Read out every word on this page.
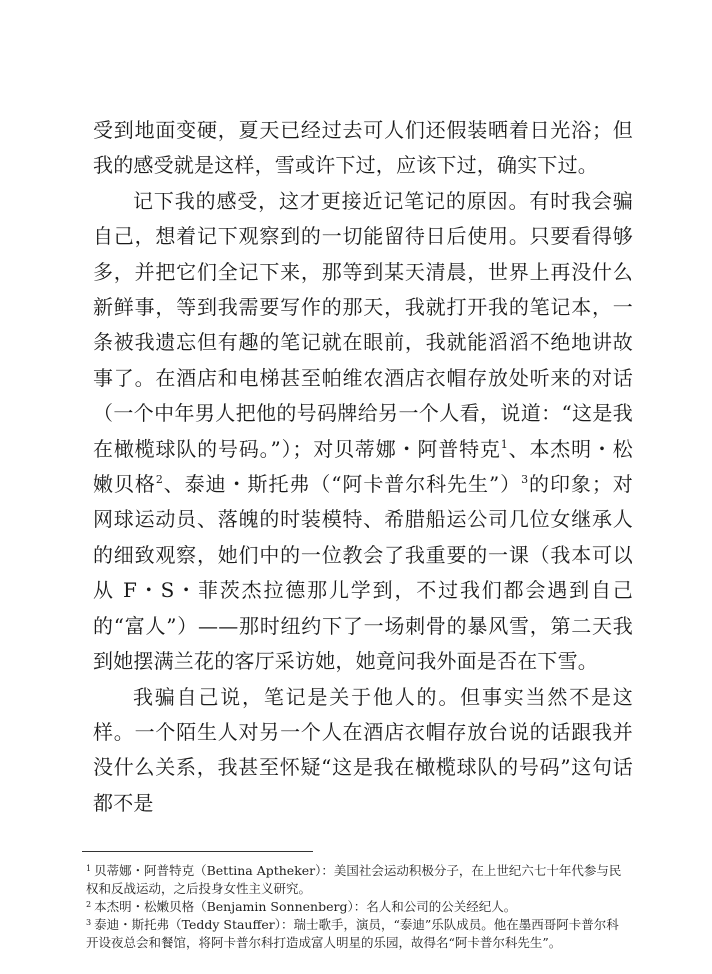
受到地面变硬，夏天已经过去可人们还假装晒着日光浴；但我的感受就是这样，雪或许下过，应该下过，确实下过。

记下我的感受，这才更接近记笔记的原因。有时我会骗自己，想着记下观察到的一切能留待日后使用。只要看得够多，并把它们全记下来，那等到某天清晨，世界上再没什么新鲜事，等到我需要写作的那天，我就打开我的笔记本，一条被我遗忘但有趣的笔记就在眼前，我就能滔滔不绝地讲故事了。在酒店和电梯甚至帕维农酒店衣帽存放处听来的对话（一个中年男人把他的号码牌给另一个人看，说道：“这是我在橄榄球队的号码。”）；对贝蒂娜・阿普特克$^1$、本杰明・松嫩贝格$^2$、泰迪・斯托弗（“阿卡普尔科先生”）$^3$的印象；对网球运动员、落魄的时装模特、希腊船运公司几位女继承人的细致观察，她们中的一位教会了我重要的一课（我本可以从 F・S・菲茨杰拉德那儿学到，不过我们都会遇到自己的“富人”）——那时纽约下了一场刺骨的暴风雪，第二天我到她摆满兰花的客厅采访她，她竟问我外面是否在下雪。

我骗自己说，笔记是关于他人的。但事实当然不是这样。一个陌生人对另一个人在酒店衣帽存放台说的话跟我并没什么关系，我甚至怀疑“这是我在橄榄球队的号码”这句话都不是

$^1$ 贝蒂娜・阿普特克（Bettina Aptheker）：美国社会运动积极分子，在上世纪六七十年代参与民权和反战运动，之后投身女性主义研究。

$^2$ 本杰明・松嫩贝格（Benjamin Sonnenberg）：名人和公司的公关经纪人。

$^3$ 泰迪・斯托弗（Teddy Stauffer）：瑞士歌手，演员，“泰迪”乐队成员。他在墨西哥阿卡普尔科开设夜总会和餐馆，将阿卡普尔科打造成富人明星的乐园，故得名“阿卡普尔科先生”。
